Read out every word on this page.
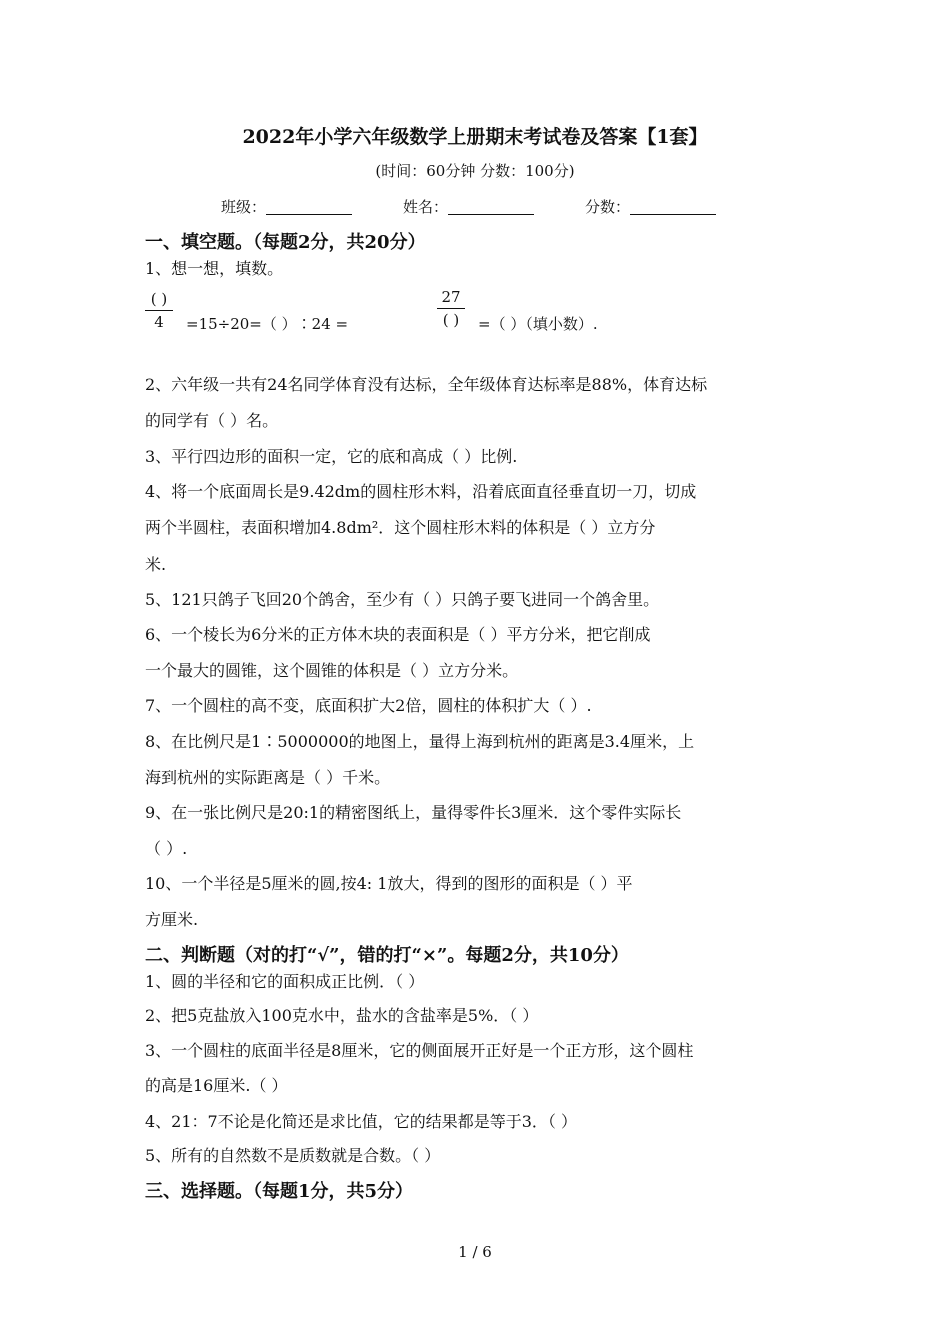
2022年小学六年级数学上册期末考试卷及答案【1套】
(时间：60分钟 分数：100分)
班级：	姓名：	分数：
一、填空题。（每题2分，共20分）
1、想一想，填数。
( )
4	=15÷20=（ ）∶24 =
27
( )	=（ ）（填小数）.
2、六年级一共有24名同学体育没有达标，全年级体育达标率是88%，体育达标
的同学有（ ）名。
3、平行四边形的面积一定，它的底和高成（ ）比例.
4、将一个底面周长是9.42dm的圆柱形木料，沿着底面直径垂直切一刀，切成
两个半圆柱，表面积增加4.8dm²．这个圆柱形木料的体积是（ ）立方分
米.
5、121只鸽子飞回20个鸽舍，至少有（ ）只鸽子要飞进同一个鸽舍里。
6、一个棱长为6分米的正方体木块的表面积是（ ）平方分米，把它削成
一个最大的圆锥，这个圆锥的体积是（ ）立方分米。
7、一个圆柱的高不变，底面积扩大2倍，圆柱的体积扩大（ ）.
8、在比例尺是1∶5000000的地图上，量得上海到杭州的距离是3.4厘米，上
海到杭州的实际距离是（ ）千米。
9、在一张比例尺是20:1的精密图纸上，量得零件长3厘米．这个零件实际长
（ ）.
10、一个半径是5厘米的圆,按4: 1放大，得到的图形的面积是（ ）平
方厘米.
二、判断题（对的打“√”，错的打“×”。每题2分，共10分）
1、圆的半径和它的面积成正比例．（ ）
2、把5克盐放入100克水中，盐水的含盐率是5%．（ ）
3、一个圆柱的底面半径是8厘米，它的侧面展开正好是一个正方形，这个圆柱
的高是16厘米.（ ）
4、21：7不论是化简还是求比值，它的结果都是等于3．（ ）
5、所有的自然数不是质数就是合数。（ ）
三、选择题。（每题1分，共5分）
1 / 6
